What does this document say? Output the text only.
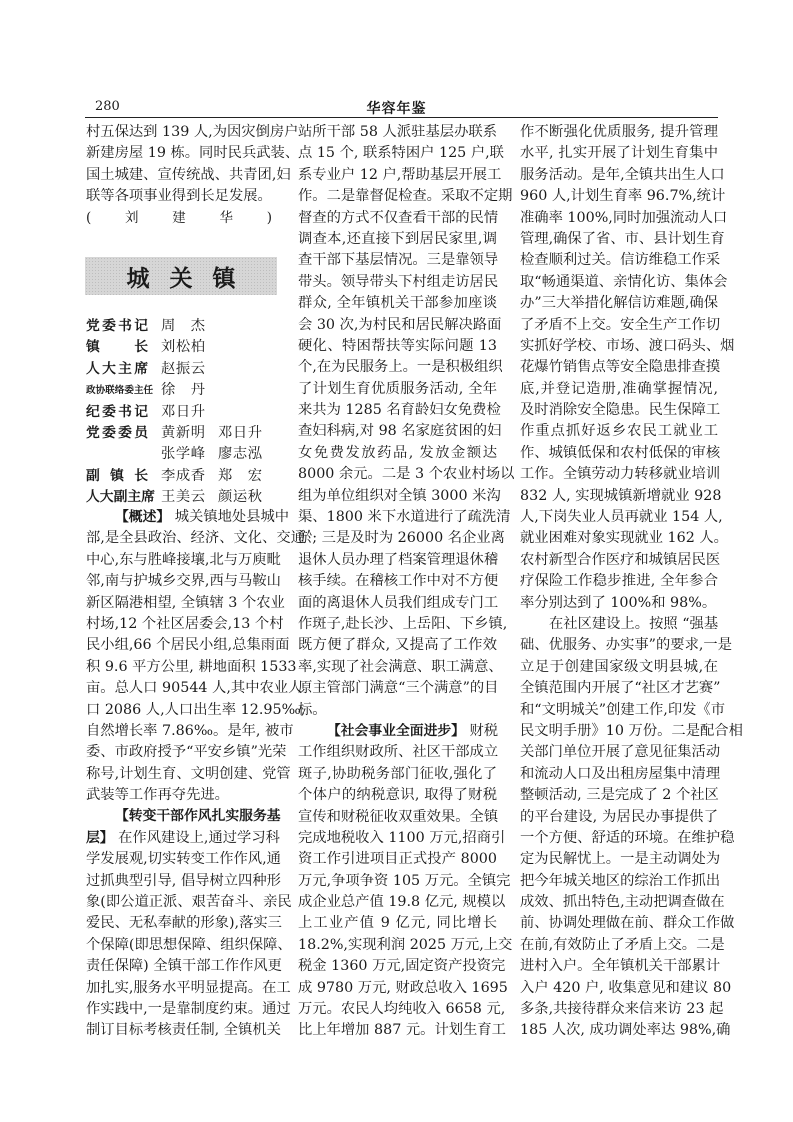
280	华容年鉴
村五保达到 139 人,为因灾倒房户
新建房屋 19 栋。同时民兵武装、
国土城建、宣传统战、共青团,妇
联等各项事业得到长足发展。
(刘建华)
城关镇
党委书记 周杰
镇长 刘松柏
人大主席 赵振云
政协联络委主任 徐丹
纪委书记 邓日升
党委委员 黄新明 邓日升
张学峰 廖志泓
副镇长 李成香 郑宏
人大副主席 王美云 颜运秋
【概述】 城关镇地处县城中
部,是全县政治、经济、文化、交通
中心,东与胜峰接壤,北与万庾毗
邻,南与护城乡交界,西与马鞍山
新区隔港相望, 全镇辖 3 个农业
村场,12 个社区居委会,13 个村
民小组,66 个居民小组,总集雨面
积 9.6 平方公里, 耕地面积 1533
亩。总人口 90544 人,其中农业人
口 2086 人,人口出生率 12.95‰,
自然增长率 7.86‰。是年, 被市
委、市政府授予“平安乡镇”光荣
称号,计划生育、文明创建、党管
武装等工作再夺先进。
【转变干部作风扎实服务基
层】 在作风建设上,通过学习科
学发展观,切实转变工作作风,通
过抓典型引导, 倡导树立四种形
象(即公道正派、艰苦奋斗、亲民
爱民、无私奉献的形象),落实三
个保障(即思想保障、组织保障、
责任保障) 全镇干部工作作风更
加扎实,服务水平明显提高。在工
作实践中,一是靠制度约束。通过
制订目标考核责任制, 全镇机关
站所干部 58 人派驻基层办联系
点 15 个, 联系特困户 125 户,联
系专业户 12 户,帮助基层开展工
作。二是靠督促检查。采取不定期
督查的方式不仅查看干部的民情
调查本,还直接下到居民家里,调
查干部下基层情况。三是靠领导
带头。领导带头下村组走访居民
群众, 全年镇机关干部参加座谈
会 30 次,为村民和居民解决路面
硬化、特困帮扶等实际问题 13
个,在为民服务上。一是积极组织
了计划生育优质服务活动, 全年
来共为 1285 名育龄妇女免费检
查妇科病,对 98 名家庭贫困的妇
女免费发放药品, 发放金额达
8000 余元。二是 3 个农业村场以
组为单位组织对全镇 3000 米沟
渠、1800 米下水道进行了疏洗清
淤; 三是及时为 26000 名企业离
退休人员办理了档案管理退休稽
核手续。在稽核工作中对不方便
面的离退休人员我们组成专门工
作斑子,赴长沙、上岳阳、下乡镇,
既方便了群众, 又提高了工作效
率,实现了社会满意、职工满意、
原主管部门满意“三个满意”的目
标。
【社会事业全面进步】 财税
工作组织财政所、社区干部成立
斑子,协助税务部门征收,强化了
个体户的纳税意识, 取得了财税
宣传和财税征收双重效果。全镇
完成地税收入 1100 万元,招商引
资工作引进项目正式投产 8000
万元,争项争资 105 万元。全镇完
成企业总产值 19.8 亿元, 规模以
上工业产值 9 亿元, 同比增长
18.2%,实现利润 2025 万元,上交
税金 1360 万元,固定资产投资完
成 9780 万元, 财政总收入 1695
万元。农民人均纯收入 6658 元,
比上年增加 887 元。计划生育工
作不断强化优质服务, 提升管理
水平, 扎实开展了计划生育集中
服务活动。是年,全镇共出生人口
960 人,计划生育率 96.7%,统计
准确率 100%,同时加强流动人口
管理,确保了省、市、县计划生育
检查顺利过关。信访维稳工作采
取“畅通渠道、亲情化访、集体会
办”三大举措化解信访难题,确保
了矛盾不上交。安全生产工作切
实抓好学校、市场、渡口码头、烟
花爆竹销售点等安全隐患排查摸
底,并登记造册,准确掌握情况,
及时消除安全隐患。民生保障工
作重点抓好返乡农民工就业工
作、城镇低保和农村低保的审核
工作。全镇劳动力转移就业培训
832 人, 实现城镇新增就业 928
人,下岗失业人员再就业 154 人,
就业困难对象实现就业 162 人。
农村新型合作医疗和城镇居民医
疗保险工作稳步推进, 全年参合
率分别达到了 100%和 98%。
在社区建设上。按照 “强基
础、优服务、办实事”的要求,一是
立足于创建国家级文明县城,在
全镇范围内开展了“社区才艺赛”
和“文明城关”创建工作,印发《市
民文明手册》10 万份。二是配合相
关部门单位开展了意见征集活动
和流动人口及出租房屋集中清理
整顿活动, 三是完成了 2 个社区
的平台建设, 为居民办事提供了
一个方便、舒适的环境。在维护稳
定为民解忧上。一是主动调处为
把今年城关地区的综治工作抓出
成效、抓出特色,主动把调查做在
前、协调处理做在前、群众工作做
在前,有效防止了矛盾上交。二是
进村入户。全年镇机关干部累计
入户 420 户, 收集意见和建议 80
多条,共接待群众来信来访 23 起
185 人次, 成功调处率达 98%,确
